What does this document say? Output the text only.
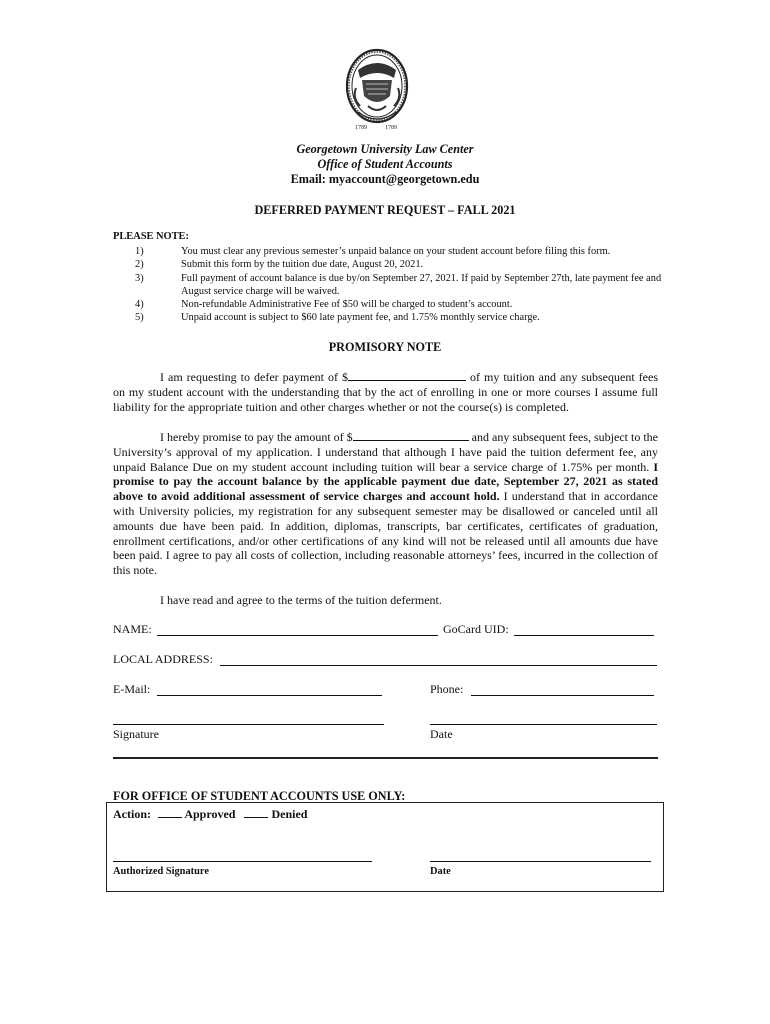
1789	1789
Georgetown University Law Center
Office of Student Accounts
Email: myaccount@georgetown.edu
DEFERRED PAYMENT REQUEST – FALL 2021
PLEASE NOTE:
1)	You must clear any previous semester’s unpaid balance on your student account before filing this form.
2)	Submit this form by the tuition due date, August 20, 2021.
3)	Full payment of account balance is due by/on September 27, 2021. If paid by September 27th, late payment fee and August service charge will be waived.
4)	Non-refundable Administrative Fee of $50 will be charged to student’s account.
5)	Unpaid account is subject to $60 late payment fee, and 1.75% monthly service charge.
PROMISORY NOTE
I am requesting to defer payment of $	of my tuition and any subsequent fees on my student account with the understanding that by the act of enrolling in one or more courses I assume full liability for the appropriate tuition and other charges whether or not the course(s) is completed.
I hereby promise to pay the amount of $	and any subsequent fees, subject to the University’s approval of my application. I understand that although I have paid the tuition deferment fee, any unpaid Balance Due on my student account including tuition will bear a service charge of 1.75% per month. I promise to pay the account balance by the applicable payment due date, September 27, 2021 as stated above to avoid additional assessment of service charges and account hold. I understand that in accordance with University policies, my registration for any subsequent semester may be disallowed or canceled until all amounts due have been paid. In addition, diplomas, transcripts, bar certificates, certificates of graduation, enrollment certifications, and/or other certifications of any kind will not be released until all amounts due have been paid. I agree to pay all costs of collection, including reasonable attorneys’ fees, incurred in the collection of this note.
I have read and agree to the terms of the tuition deferment.
NAME:	GoCard UID:
LOCAL ADDRESS:
E-Mail:	Phone:
Signature	Date
FOR OFFICE OF STUDENT ACCOUNTS USE ONLY:
Action:	Approved	Denied
Authorized Signature	Date
